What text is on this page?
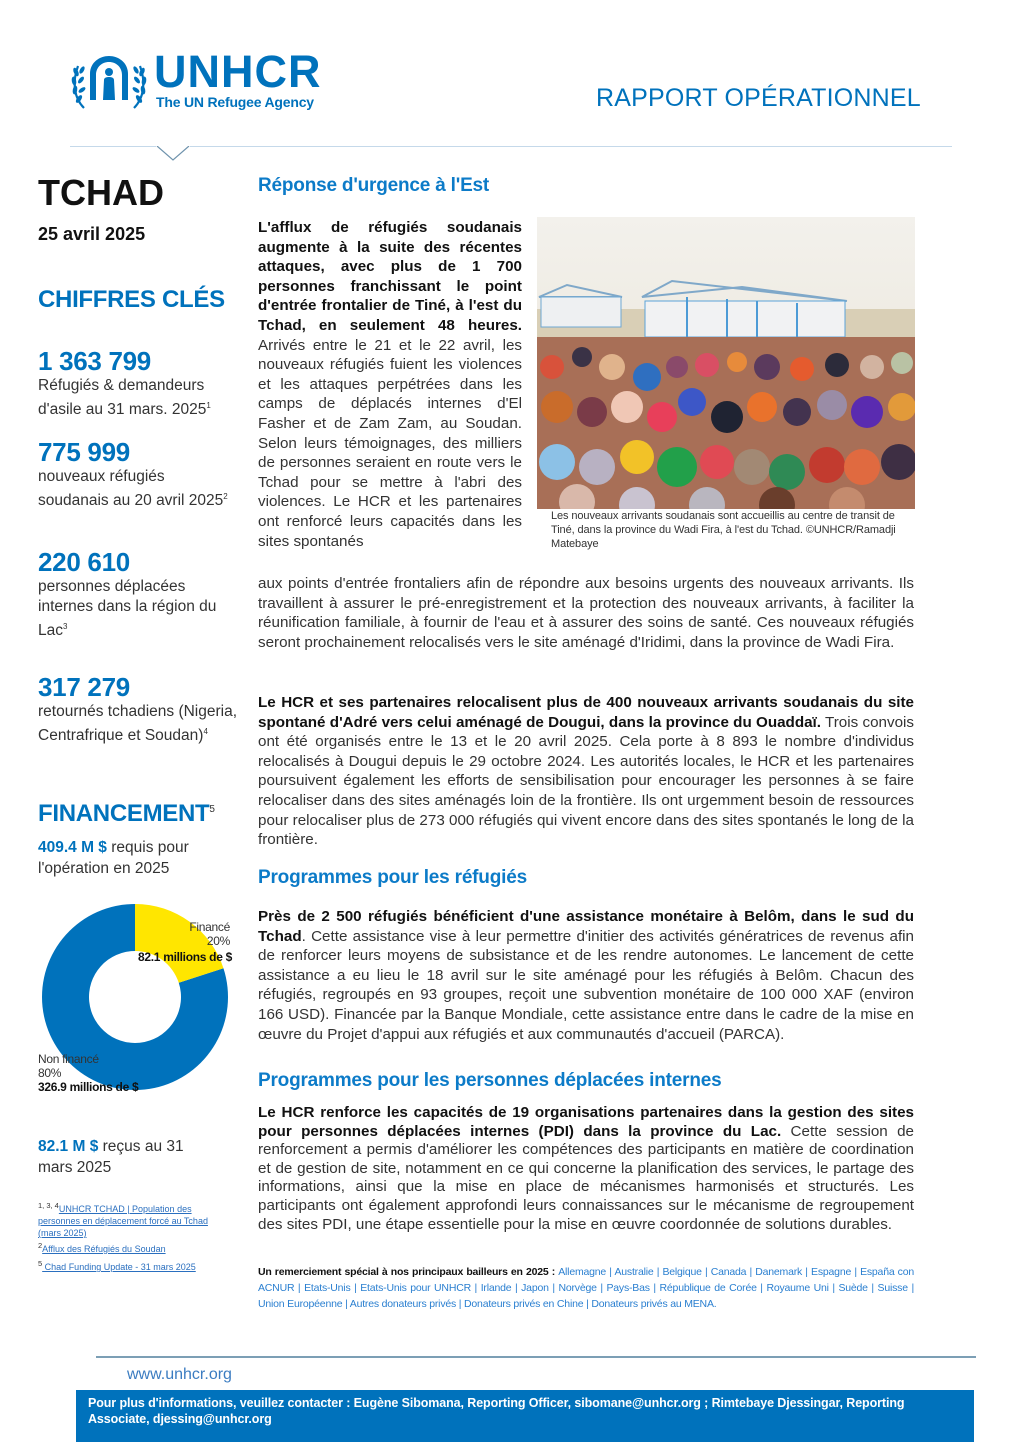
UNHCR
The UN Refugee Agency	RAPPORT OPÉRATIONNEL
TCHAD
25 avril 2025
CHIFFRES CLÉS
1 363 799
Réfugiés & demandeurs d'asile au 31 mars. 2025$^1$
775 999
nouveaux réfugiés soudanais au 20 avril 2025$^2$
220 610
personnes déplacées internes dans la région du Lac$^3$
317 279
retournés tchadiens (Nigeria, Centrafrique et Soudan)$^4$
FINANCEMENT$^5$
409.4 M $ requis pour l'opération en 2025
Financé
20%
82.1 millions de $
Non financé
80%
326.9 millions de $
82.1 M $ reçus au 31 mars 2025
$^{1, 3, 4}$UNHCR TCHAD | Population des personnes en déplacement forcé au Tchad (mars 2025)
$^2$Afflux des Réfugiés du Soudan
$^5$ Chad Funding Update - 31 mars 2025
Réponse d'urgence à l'Est
L'afflux de réfugiés soudanais augmente à la suite des récentes attaques, avec plus de 1 700 personnes franchissant le point d'entrée frontalier de Tiné, à l'est du Tchad, en seulement 48 heures. Arrivés entre le 21 et le 22 avril, les nouveaux réfugiés fuient les violences et les attaques perpétrées dans les camps de déplacés internes d'El Fasher et de Zam Zam, au Soudan. Selon leurs témoignages, des milliers de personnes seraient en route vers le Tchad pour se mettre à l'abri des violences. Le HCR et les partenaires ont renforcé leurs capacités dans les sites spontanés
Les nouveaux arrivants soudanais sont accueillis au centre de transit de Tiné, dans la province du Wadi Fira, à l'est du Tchad. ©UNHCR/Ramadji Matebaye
aux points d'entrée frontaliers afin de répondre aux besoins urgents des nouveaux arrivants. Ils travaillent à assurer le pré-enregistrement et la protection des nouveaux arrivants, à faciliter la réunification familiale, à fournir de l'eau et à assurer des soins de santé. Ces nouveaux réfugiés seront prochainement relocalisés vers le site aménagé d'Iridimi, dans la province de Wadi Fira.
Le HCR et ses partenaires relocalisent plus de 400 nouveaux arrivants soudanais du site spontané d'Adré vers celui aménagé de Dougui, dans la province du Ouaddaï. Trois convois ont été organisés entre le 13 et le 20 avril 2025. Cela porte à 8 893 le nombre d'individus relocalisés à Dougui depuis le 29 octobre 2024. Les autorités locales, le HCR et les partenaires poursuivent également les efforts de sensibilisation pour encourager les personnes à se faire relocaliser dans des sites aménagés loin de la frontière. Ils ont urgemment besoin de ressources pour relocaliser plus de 273 000 réfugiés qui vivent encore dans des sites spontanés le long de la frontière.
Programmes pour les réfugiés
Près de 2 500 réfugiés bénéficient d'une assistance monétaire à Belôm, dans le sud du Tchad. Cette assistance vise à leur permettre d'initier des activités génératrices de revenus afin de renforcer leurs moyens de subsistance et de les rendre autonomes. Le lancement de cette assistance a eu lieu le 18 avril sur le site aménagé pour les réfugiés à Belôm. Chacun des réfugiés, regroupés en 93 groupes, reçoit une subvention monétaire de 100 000 XAF (environ 166 USD). Financée par la Banque Mondiale, cette assistance entre dans le cadre de la mise en œuvre du Projet d'appui aux réfugiés et aux communautés d'accueil (PARCA).
Programmes pour les personnes déplacées internes
Le HCR renforce les capacités de 19 organisations partenaires dans la gestion des sites pour personnes déplacées internes (PDI) dans la province du Lac. Cette session de renforcement a permis d'améliorer les compétences des participants en matière de coordination et de gestion de site, notamment en ce qui concerne la planification des services, le partage des informations, ainsi que la mise en place de mécanismes harmonisés et structurés. Les participants ont également approfondi leurs connaissances sur le mécanisme de regroupement des sites PDI, une étape essentielle pour la mise en œuvre coordonnée de solutions durables.
Un remerciement spécial à nos principaux bailleurs en 2025 : Allemagne | Australie | Belgique | Canada | Danemark | Espagne | España con ACNUR | Etats-Unis | Etats-Unis pour UNHCR | Irlande | Japon | Norvège | Pays-Bas | République de Corée | Royaume Uni | Suède | Suisse | Union Européenne | Autres donateurs privés | Donateurs privés en Chine | Donateurs privés au MENA.
www.unhcr.org
Pour plus d'informations, veuillez contacter : Eugène Sibomana, Reporting Officer, sibomane@unhcr.org ; Rimtebaye Djessingar, Reporting Associate, djessing@unhcr.org
